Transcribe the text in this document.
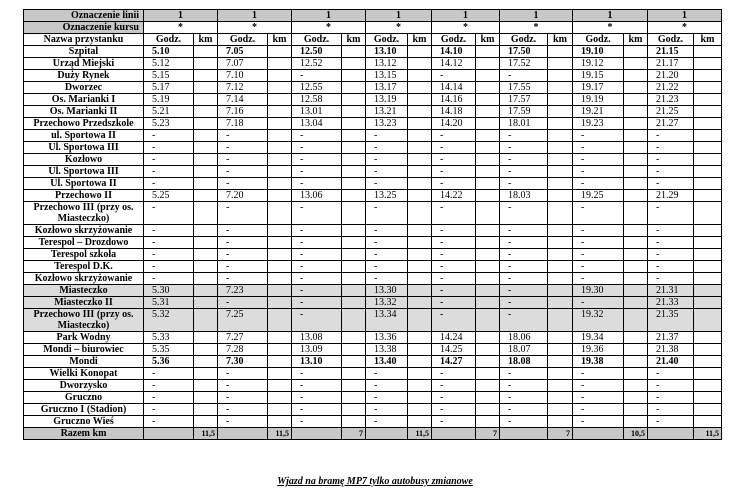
Oznaczenie linii	1		1		1		1		1		1		1		1	
Oznaczenie kursu	*		*		*		*		*		*		*		*	
Nazwa przystanku	Godz.	km	Godz.	km	Godz.	km	Godz.	km	Godz.	km	Godz.	km	Godz.	km	Godz.	km
Szpital	5.10		7.05		12.50		13.10		14.10		17.50		19.10		21.15	
Urząd Miejski	5.12		7.07		12.52		13.12		14.12		17.52		19.12		21.17	
Duży Rynek	5.15		7.10		-		13.15		-		-		19.15		21.20	
Dworzec	5.17		7.12		12.55		13.17		14.14		17.55		19.17		21.22	
Os. Marianki I	5.19		7.14		12.58		13.19		14.16		17.57		19.19		21.23	
Os. Marianki II	5.21		7.16		13.01		13.21		14.18		17.59		19.21		21.25	
Przechowo Przedszkole	5.23		7.18		13.04		13.23		14.20		18.01		19.23		21.27	
ul. Sportowa II	-		-		-		-		-		-		-		-	
Ul. Sportowa III	-		-		-		-		-		-		-		-	
Kozłowo	-		-		-		-		-		-		-		-	
Ul. Sportowa III	-		-		-		-		-		-		-		-	
Ul. Sportowa II	-		-		-		-		-		-		-		-	
Przechowo II	5.25		7.20		13.06		13.25		14.22		18.03		19.25		21.29	
Przechowo III (przy os. Miasteczko)	-		-		-		-		-		-		-		-	
Kozłowo skrzyżowanie	-		-		-		-		-		-		-		-	
Terespol – Drozdowo	-		-		-		-		-		-		-		-	
Terespol szkoła	-		-		-		-		-		-		-		-	
Terespol D.K.	-		-		-		-		-		-		-		-	
Kozłowo skrzyżowanie	-		-		-		-		-		-		-		-	
Miasteczko	5.30		7.23		-		13.30		-		-		19.30		21.31	
Miasteczko II	5.31		-		-		13.32		-		-		-		21.33	
Przechowo III (przy os. Miasteczko)	5.32		7.25		-		13.34		-		-		19.32		21.35	
Park Wodny	5.33		7.27		13.08		13.36		14.24		18.06		19.34		21.37	
Mondi – biurowiec	5.35		7.28		13.09		13.38		14.25		18.07		19.36		21.38	
Mondi	5.36		7.30		13.10		13.40		14.27		18.08		19.38		21.40	
Wielki Konopat	-		-		-		-		-		-		-		-	
Dworzysko	-		-		-		-		-		-		-		-	
Gruczno	-		-		-		-		-		-		-		-	
Gruczno I (Stadion)	-		-		-		-		-		-		-		-	
Gruczno Wieś	-		-		-		-		-		-		-		-	
Razem km		11,5		11,5		7		11,5		7		7		10,5		11,5
Wjazd na bramę MP7 tylko autobusy zmianowe
